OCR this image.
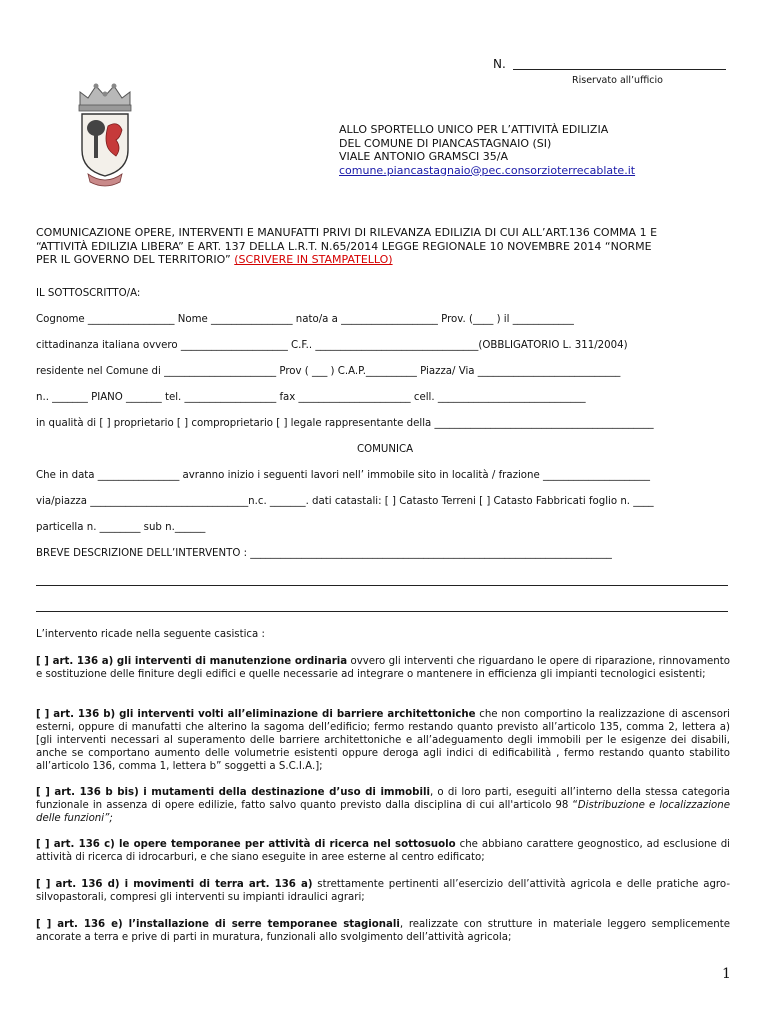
N.
Riservato all’ufficio
ALLO SPORTELLO UNICO PER L’ATTIVITÀ EDILIZIA
DEL COMUNE DI PIANCASTAGNAIO (SI)
VIALE ANTONIO GRAMSCI 35/A
comune.piancastagnaio@pec.consorzioterrecablate.it
COMUNICAZIONE OPERE, INTERVENTI E MANUFATTI PRIVI DI RILEVANZA EDILIZIA DI CUI ALL’ART.136 COMMA 1 E
“ATTIVITÀ EDILIZIA LIBERA” E ART. 137 DELLA L.R.T. N.65/2014 LEGGE REGIONALE 10 NOVEMBRE 2014 “NORME
PER IL GOVERNO DEL TERRITORIO” (SCRIVERE IN STAMPATELLO)
IL SOTTOSCRITTO/A:
Cognome _________________ Nome ________________ nato/a a ___________________ Prov. (____ ) il ____________
cittadinanza italiana ovvero _____________________ C.F.. ________________________________(OBBLIGATORIO L. 311/2004)
residente nel Comune di ______________________ Prov ( ___ ) C.A.P.__________ Piazza/ Via ____________________________
n.. _______ PIANO _______ tel. __________________ fax ______________________ cell. _____________________________
in qualità di [ ] proprietario [ ] comproprietario [ ] legale rappresentante della ___________________________________________
COMUNICA
Che in data ________________ avranno inizio i seguenti lavori nell’ immobile sito in località / frazione _____________________
via/piazza _______________________________n.c. _______. dati catastali: [ ] Catasto Terreni [ ] Catasto Fabbricati foglio n. ____
particella n. ________ sub n.______
BREVE DESCRIZIONE DELL’INTERVENTO : _______________________________________________________________________
L’intervento ricade nella seguente casistica :
[ ] art. 136 a) gli interventi di manutenzione ordinaria ovvero gli interventi che riguardano le opere di riparazione, rinnovamento e sostituzione delle finiture degli edifici e quelle necessarie ad integrare o mantenere in efficienza gli impianti tecnologici esistenti;
[ ] art. 136 b) gli interventi volti all’eliminazione di barriere architettoniche che non comportino la realizzazione di ascensori esterni, oppure di manufatti che alterino la sagoma dell’edificio; fermo restando quanto previsto all’articolo 135, comma 2, lettera a) [gli interventi necessari al superamento delle barriere architettoniche e all’adeguamento degli immobili per le esigenze dei disabili, anche se comportano aumento delle volumetrie esistenti oppure deroga agli indici di edificabilità , fermo restando quanto stabilito all’articolo 136, comma 1, lettera b” soggetti a S.C.I.A.];
[ ] art. 136 b bis) i mutamenti della destinazione d’uso di immobili, o di loro parti, eseguiti all’interno della stessa categoria funzionale in assenza di opere edilizie, fatto salvo quanto previsto dalla disciplina di cui all'articolo 98 “Distribuzione e localizzazione delle funzioni”;
[ ] art. 136 c) le opere temporanee per attività di ricerca nel sottosuolo che abbiano carattere geognostico, ad esclusione di attività di ricerca di idrocarburi, e che siano eseguite in aree esterne al centro edificato;
[ ] art. 136 d) i movimenti di terra art. 136 a) strettamente pertinenti all’esercizio dell’attività agricola e delle pratiche agro-silvopastorali, compresi gli interventi su impianti idraulici agrari;
[ ] art. 136 e) l’installazione di serre temporanee stagionali, realizzate con strutture in materiale leggero semplicemente ancorate a terra e prive di parti in muratura, funzionali allo svolgimento dell’attività agricola;
1
